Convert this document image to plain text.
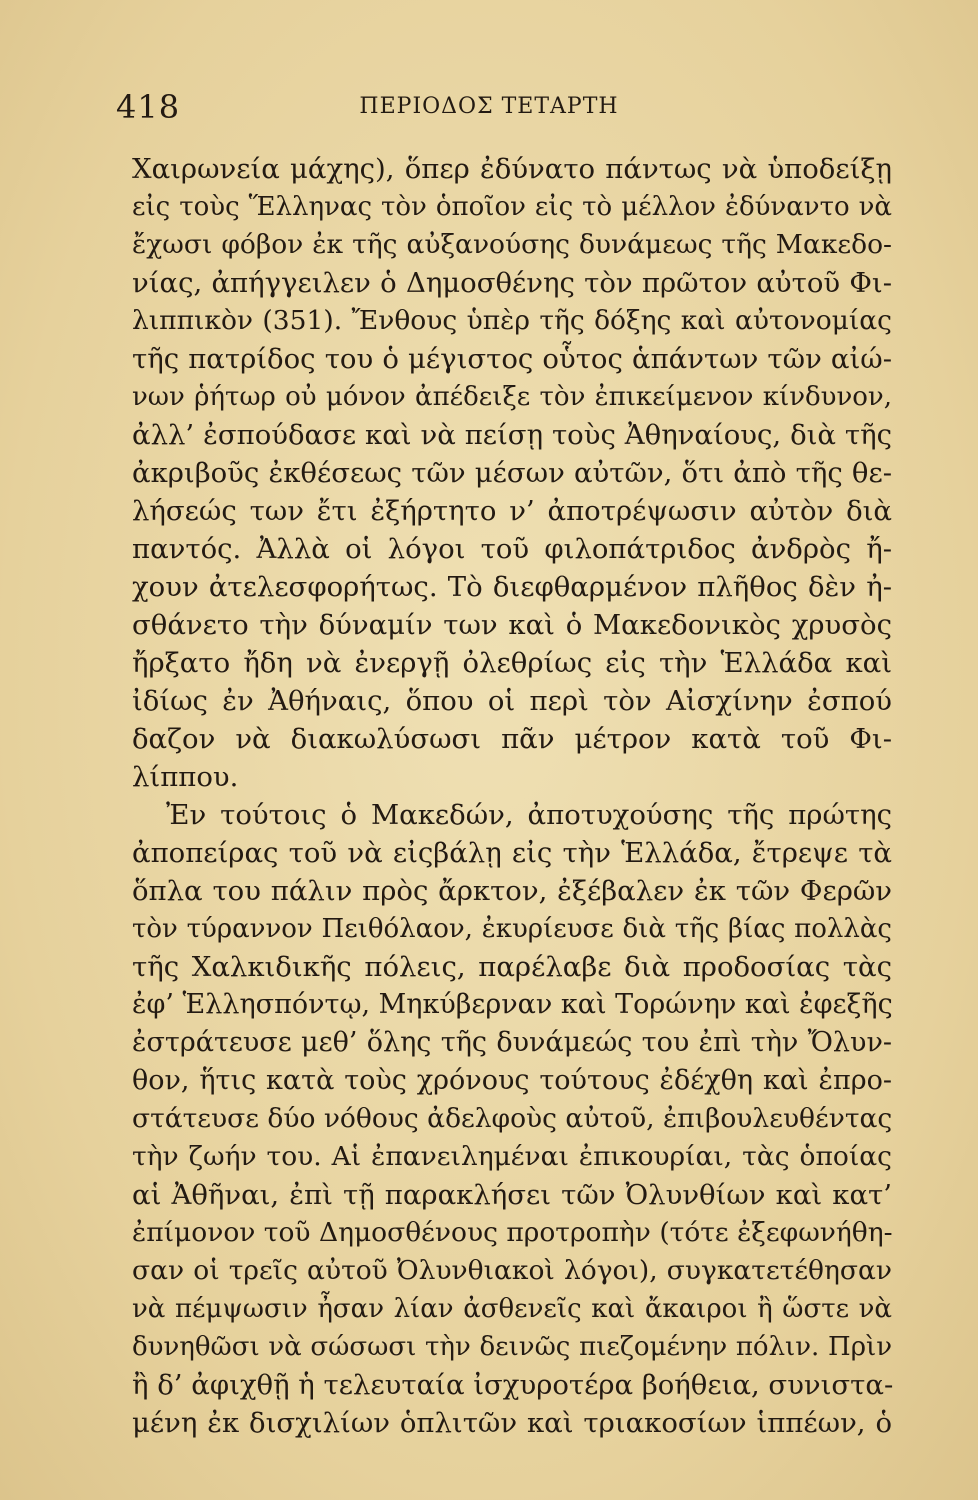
418	ΠΕΡΙΟΔΟΣ ΤΕΤΑΡΤΗ
Χαιρωνεία μάχης), ὅπερ ἐδύνατο πάντως νὰ ὑποδείξῃ
εἰς τοὺς Ἕλληνας τὸν ὁποῖον εἰς τὸ μέλλον ἐδύναντο νὰ
ἔχωσι φόβον ἐκ τῆς αὐξανούσης δυνάμεως τῆς Μακεδο-
νίας, ἀπήγγειλεν ὁ Δημοσθένης τὸν πρῶτον αὐτοῦ Φι-
λιππικὸν (351). Ἔνθους ὑπὲρ τῆς δόξης καὶ αὐτονομίας
τῆς πατρίδος του ὁ μέγιστος οὗτος ἁπάντων τῶν αἰώ-
νων ῥήτωρ οὐ μόνον ἀπέδειξε τὸν ἐπικείμενον κίνδυνον,
ἀλλ’ ἐσπούδασε καὶ νὰ πείσῃ τοὺς Ἀθηναίους, διὰ τῆς
ἀκριβοῦς ἐκθέσεως τῶν μέσων αὐτῶν, ὅτι ἀπὸ τῆς θε-
λήσεώς των ἔτι ἐξήρτητο ν’ ἀποτρέψωσιν αὐτὸν διὰ
παντός. Ἀλλὰ οἱ λόγοι τοῦ φιλοπάτριδος ἀνδρὸς ἤ-
χουν ἀτελεσφορήτως. Τὸ διεφθαρμένον πλῆθος δὲν ἠ-
σθάνετο τὴν δύναμίν των καὶ ὁ Μακεδονικὸς χρυσὸς
ἤρξατο ἤδη νὰ ἐνεργῇ ὀλεθρίως εἰς τὴν Ἑλλάδα καὶ
ἰδίως ἐν Ἀθήναις, ὅπου οἱ περὶ τὸν Αἰσχίνην ἐσπού
δαζον νὰ διακωλύσωσι πᾶν μέτρον κατὰ τοῦ Φι-
λίππου.
Ἐν τούτοις ὁ Μακεδών, ἀποτυχούσης τῆς πρώτης
ἀποπείρας τοῦ νὰ εἰςβάλῃ εἰς τὴν Ἑλλάδα, ἔτρεψε τὰ
ὅπλα του πάλιν πρὸς ἄρκτον, ἐξέβαλεν ἐκ τῶν Φερῶν
τὸν τύραννον Πειθόλαον, ἐκυρίευσε διὰ τῆς βίας πολλὰς
τῆς Χαλκιδικῆς πόλεις, παρέλαβε διὰ προδοσίας τὰς
ἐφ’ Ἑλλησπόντῳ, Μηκύβερναν καὶ Τορώνην καὶ ἐφεξῆς
ἐστράτευσε μεθ’ ὅλης τῆς δυνάμεώς του ἐπὶ τὴν Ὄλυν-
θον, ἥτις κατὰ τοὺς χρόνους τούτους ἐδέχθη καὶ ἐπρο-
στάτευσε δύο νόθους ἀδελφοὺς αὐτοῦ, ἐπιβουλευθέντας
τὴν ζωήν του. Αἱ ἐπανειλημέναι ἐπικουρίαι, τὰς ὁποίας
αἱ Ἀθῆναι, ἐπὶ τῇ παρακλήσει τῶν Ὀλυνθίων καὶ κατ’
ἐπίμονον τοῦ Δημοσθένους προτροπὴν (τότε ἐξεφωνήθη-
σαν οἱ τρεῖς αὐτοῦ Ὀλυνθιακοὶ λόγοι), συγκατετέθησαν
νὰ πέμψωσιν ἦσαν λίαν ἀσθενεῖς καὶ ἄκαιροι ἢ ὥστε νὰ
δυνηθῶσι νὰ σώσωσι τὴν δεινῶς πιεζομένην πόλιν. Πρὶν
ἢ δ’ ἀφιχθῇ ἡ τελευταία ἰσχυροτέρα βοήθεια, συνιστα-
μένη ἐκ δισχιλίων ὁπλιτῶν καὶ τριακοσίων ἱππέων, ὁ
